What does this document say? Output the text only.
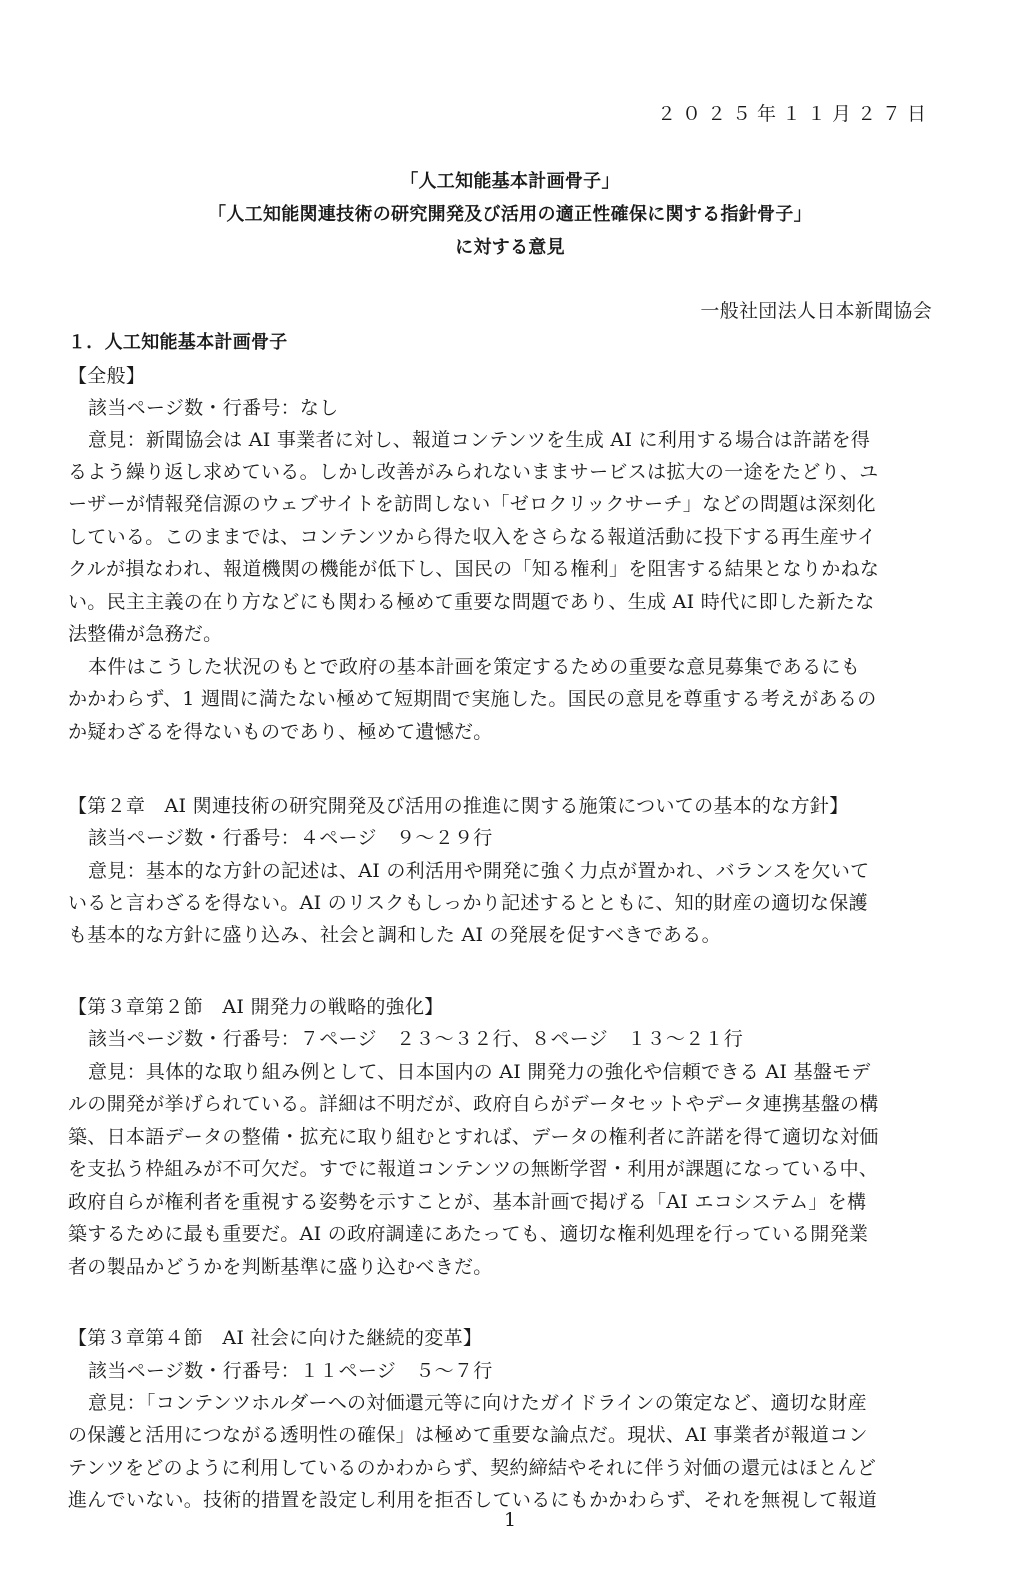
２０２５年１１月２７日
「人工知能基本計画骨子」
「人工知能関連技術の研究開発及び活用の適正性確保に関する指針骨子」
に対する意見
一般社団法人日本新聞協会
１．人工知能基本計画骨子
【全般】
該当ページ数・行番号：なし
意見：新聞協会は AI 事業者に対し、報道コンテンツを生成 AI に利用する場合は許諾を得
るよう繰り返し求めている。しかし改善がみられないままサービスは拡大の一途をたどり、ユ
ーザーが情報発信源のウェブサイトを訪問しない「ゼロクリックサーチ」などの問題は深刻化
している。このままでは、コンテンツから得た収入をさらなる報道活動に投下する再生産サイ
クルが損なわれ、報道機関の機能が低下し、国民の「知る権利」を阻害する結果となりかねな
い。民主主義の在り方などにも関わる極めて重要な問題であり、生成 AI 時代に即した新たな
法整備が急務だ。
本件はこうした状況のもとで政府の基本計画を策定するための重要な意見募集であるにも
かかわらず、1 週間に満たない極めて短期間で実施した。国民の意見を尊重する考えがあるの
か疑わざるを得ないものであり、極めて遺憾だ。
【第２章　AI 関連技術の研究開発及び活用の推進に関する施策についての基本的な方針】
該当ページ数・行番号：４ページ　９～２９行
意見：基本的な方針の記述は、AI の利活用や開発に強く力点が置かれ、バランスを欠いて
いると言わざるを得ない。AI のリスクもしっかり記述するとともに、知的財産の適切な保護
も基本的な方針に盛り込み、社会と調和した AI の発展を促すべきである。
【第３章第２節　AI 開発力の戦略的強化】
該当ページ数・行番号：７ページ　２３～３２行、８ページ　１３～２１行
意見：具体的な取り組み例として、日本国内の AI 開発力の強化や信頼できる AI 基盤モデ
ルの開発が挙げられている。詳細は不明だが、政府自らがデータセットやデータ連携基盤の構
築、日本語データの整備・拡充に取り組むとすれば、データの権利者に許諾を得て適切な対価
を支払う枠組みが不可欠だ。すでに報道コンテンツの無断学習・利用が課題になっている中、
政府自らが権利者を重視する姿勢を示すことが、基本計画で掲げる「AI エコシステム」を構
築するために最も重要だ。AI の政府調達にあたっても、適切な権利処理を行っている開発業
者の製品かどうかを判断基準に盛り込むべきだ。
【第３章第４節　AI 社会に向けた継続的変革】
該当ページ数・行番号：１１ページ　５～７行
意見：「コンテンツホルダーへの対価還元等に向けたガイドラインの策定など、適切な財産
の保護と活用につながる透明性の確保」は極めて重要な論点だ。現状、AI 事業者が報道コン
テンツをどのように利用しているのかわからず、契約締結やそれに伴う対価の還元はほとんど
進んでいない。技術的措置を設定し利用を拒否しているにもかかわらず、それを無視して報道
1
